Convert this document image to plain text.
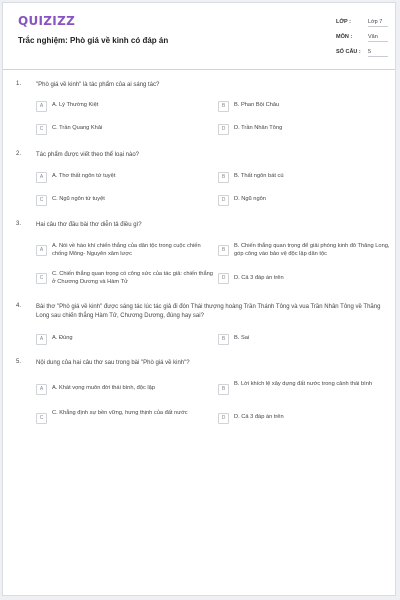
QUIZIZZ
Trắc nghiệm: Phò giá về kinh có đáp án
LỚP :	Lớp 7
MÔN :	Văn
SỐ CÂU : 5
1. "Phò giá về kinh" là tác phẩm của ai sáng tác?
A	A. Lý Thường Kiệt	B	B. Phan Bội Châu
C	C. Trần Quang Khải	D	D. Trần Nhân Tông
2. Tác phẩm được viết theo thể loại nào?
A	A. Thơ thất ngôn tứ tuyệt	B	B. Thất ngôn bát cú
C	C. Ngũ ngôn tứ tuyệt	D	D. Ngũ ngôn
3. Hai câu thơ đầu bài thơ diễn tả điều gì?
A
A. Nói về hào khí chiến thắng của dân tộc trong cuộc chiến chống Mông- Nguyên xâm lược
B
B. Chiến thắng quan trọng để giải phóng kinh đô Thăng Long, góp công vào bảo vệ độc lập dân tộc
C
C. Chiến thắng quan trọng có công sức của tác giả: chiến thắng ở Chương Dương và Hàm Tử
D	D. Cả 3 đáp án trên
4. Bài thơ "Phò giá về kinh" được sáng tác lúc tác giả đi đón Thái thượng hoàng Trần Thánh Tông và vua Trần Nhân Tông về Thăng Long sau chiến thắng Hàm Tử, Chương Dương, đúng hay sai?
A	A. Đúng	B	B. Sai
5. Nội dung của hai câu thơ sau trong bài "Phò giá về kinh"?
A	A. Khát vọng muôn đời thái bình, độc lập	B
B. Lời khích lệ xây dựng đất nước trong cảnh thái bình
C
C. Khẳng định sự bền vững, hưng thịnh của đất nước
D	D. Cả 3 đáp án trên
